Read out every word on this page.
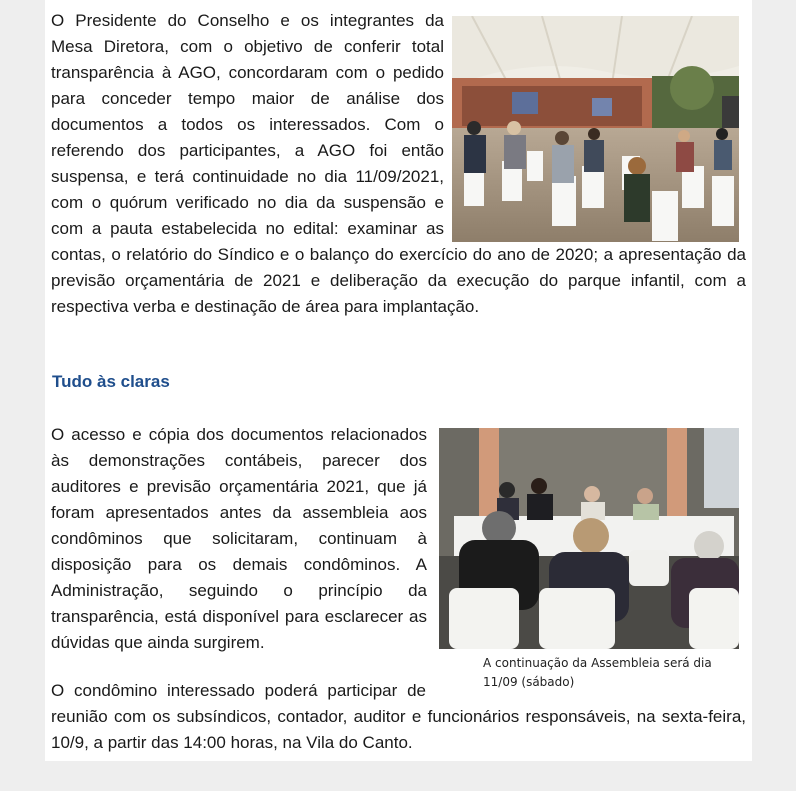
O Presidente do Conselho e os integrantes da Mesa Diretora, com o objetivo de conferir total transparência à AGO, concordaram com o pedido para conceder tempo maior de análise dos documentos a todos os interessados. Com o referendo dos participantes, a AGO foi então suspensa, e terá continuidade no dia 11/09/2021, com o quórum verificado no dia da suspensão e com a pauta estabelecida no edital: examinar as contas, o relatório do Síndico e o balanço do exercício do ano de 2020; a apresentação da previsão orçamentária de 2021 e deliberação da execução do parque infantil, com a respectiva verba e destinação de área para implantação.

Tudo às claras

O acesso e cópia dos documentos relacionados às demonstrações contábeis, parecer dos auditores e previsão orçamentária 2021, que já foram apresentados antes da assembleia aos condôminos que solicitaram, continuam à disposição para os demais condôminos. A Administração, seguindo o princípio da transparência, está disponível para esclarecer as dúvidas que ainda surgirem.

A continuação da Assembleia será dia 11/09 (sábado)

O condômino interessado poderá participar de reunião com os subsíndicos, contador, auditor e funcionários responsáveis, na sexta-feira, 10/9, a partir das 14:00 horas, na Vila do Canto.
